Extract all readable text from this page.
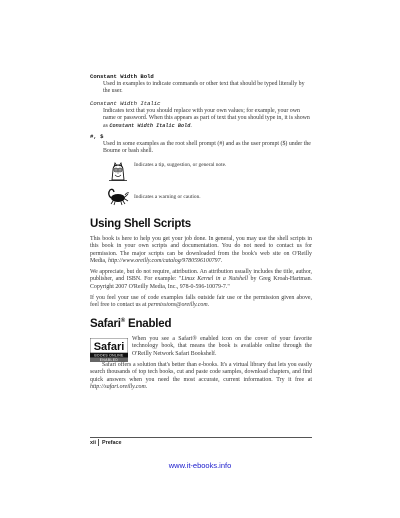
Constant Width Bold
Used in examples to indicate commands or other text that should be typed literally by the user.
Constant Width Italic
Indicates text that you should replace with your own values; for example, your own name or password. When this appears as part of text that you should type in, it is shown as Constant Width Italic Bold.
#, $
Used in some examples as the root shell prompt (#) and as the user prompt ($) under the Bourne or bash shell.
Indicates a tip, suggestion, or general note.
Indicates a warning or caution.
Using Shell Scripts
This book is here to help you get your job done. In general, you may use the shell scripts in this book in your own scripts and documentation. You do not need to contact us for permission. The major scripts can be downloaded from the book's web site on O'Reilly Media, http://www.oreilly.com/catalog/9780596100797.
We appreciate, but do not require, attribution. An attribution usually includes the title, author, publisher, and ISBN. For example: "Linux Kernel in a Nutshell by Greg Kroah-Hartman. Copyright 2007 O'Reilly Media, Inc., 978-0-596-10079-7."
If you feel your use of code examples falls outside fair use or the permission given above, feel free to contact us at permissions@oreilly.com.
Safari® Enabled
Safari
BOOKS ONLINE
ENABLED
When you see a Safari® enabled icon on the cover of your favorite technology book, that means the book is available online through the O'Reilly Network Safari Bookshelf.
Safari offers a solution that's better than e-books. It's a virtual library that lets you easily search thousands of top tech books, cut and paste code samples, download chapters, and find quick answers when you need the most accurate, current information. Try it free at http://safari.oreilly.com.
xii Preface
www.it-ebooks.info
